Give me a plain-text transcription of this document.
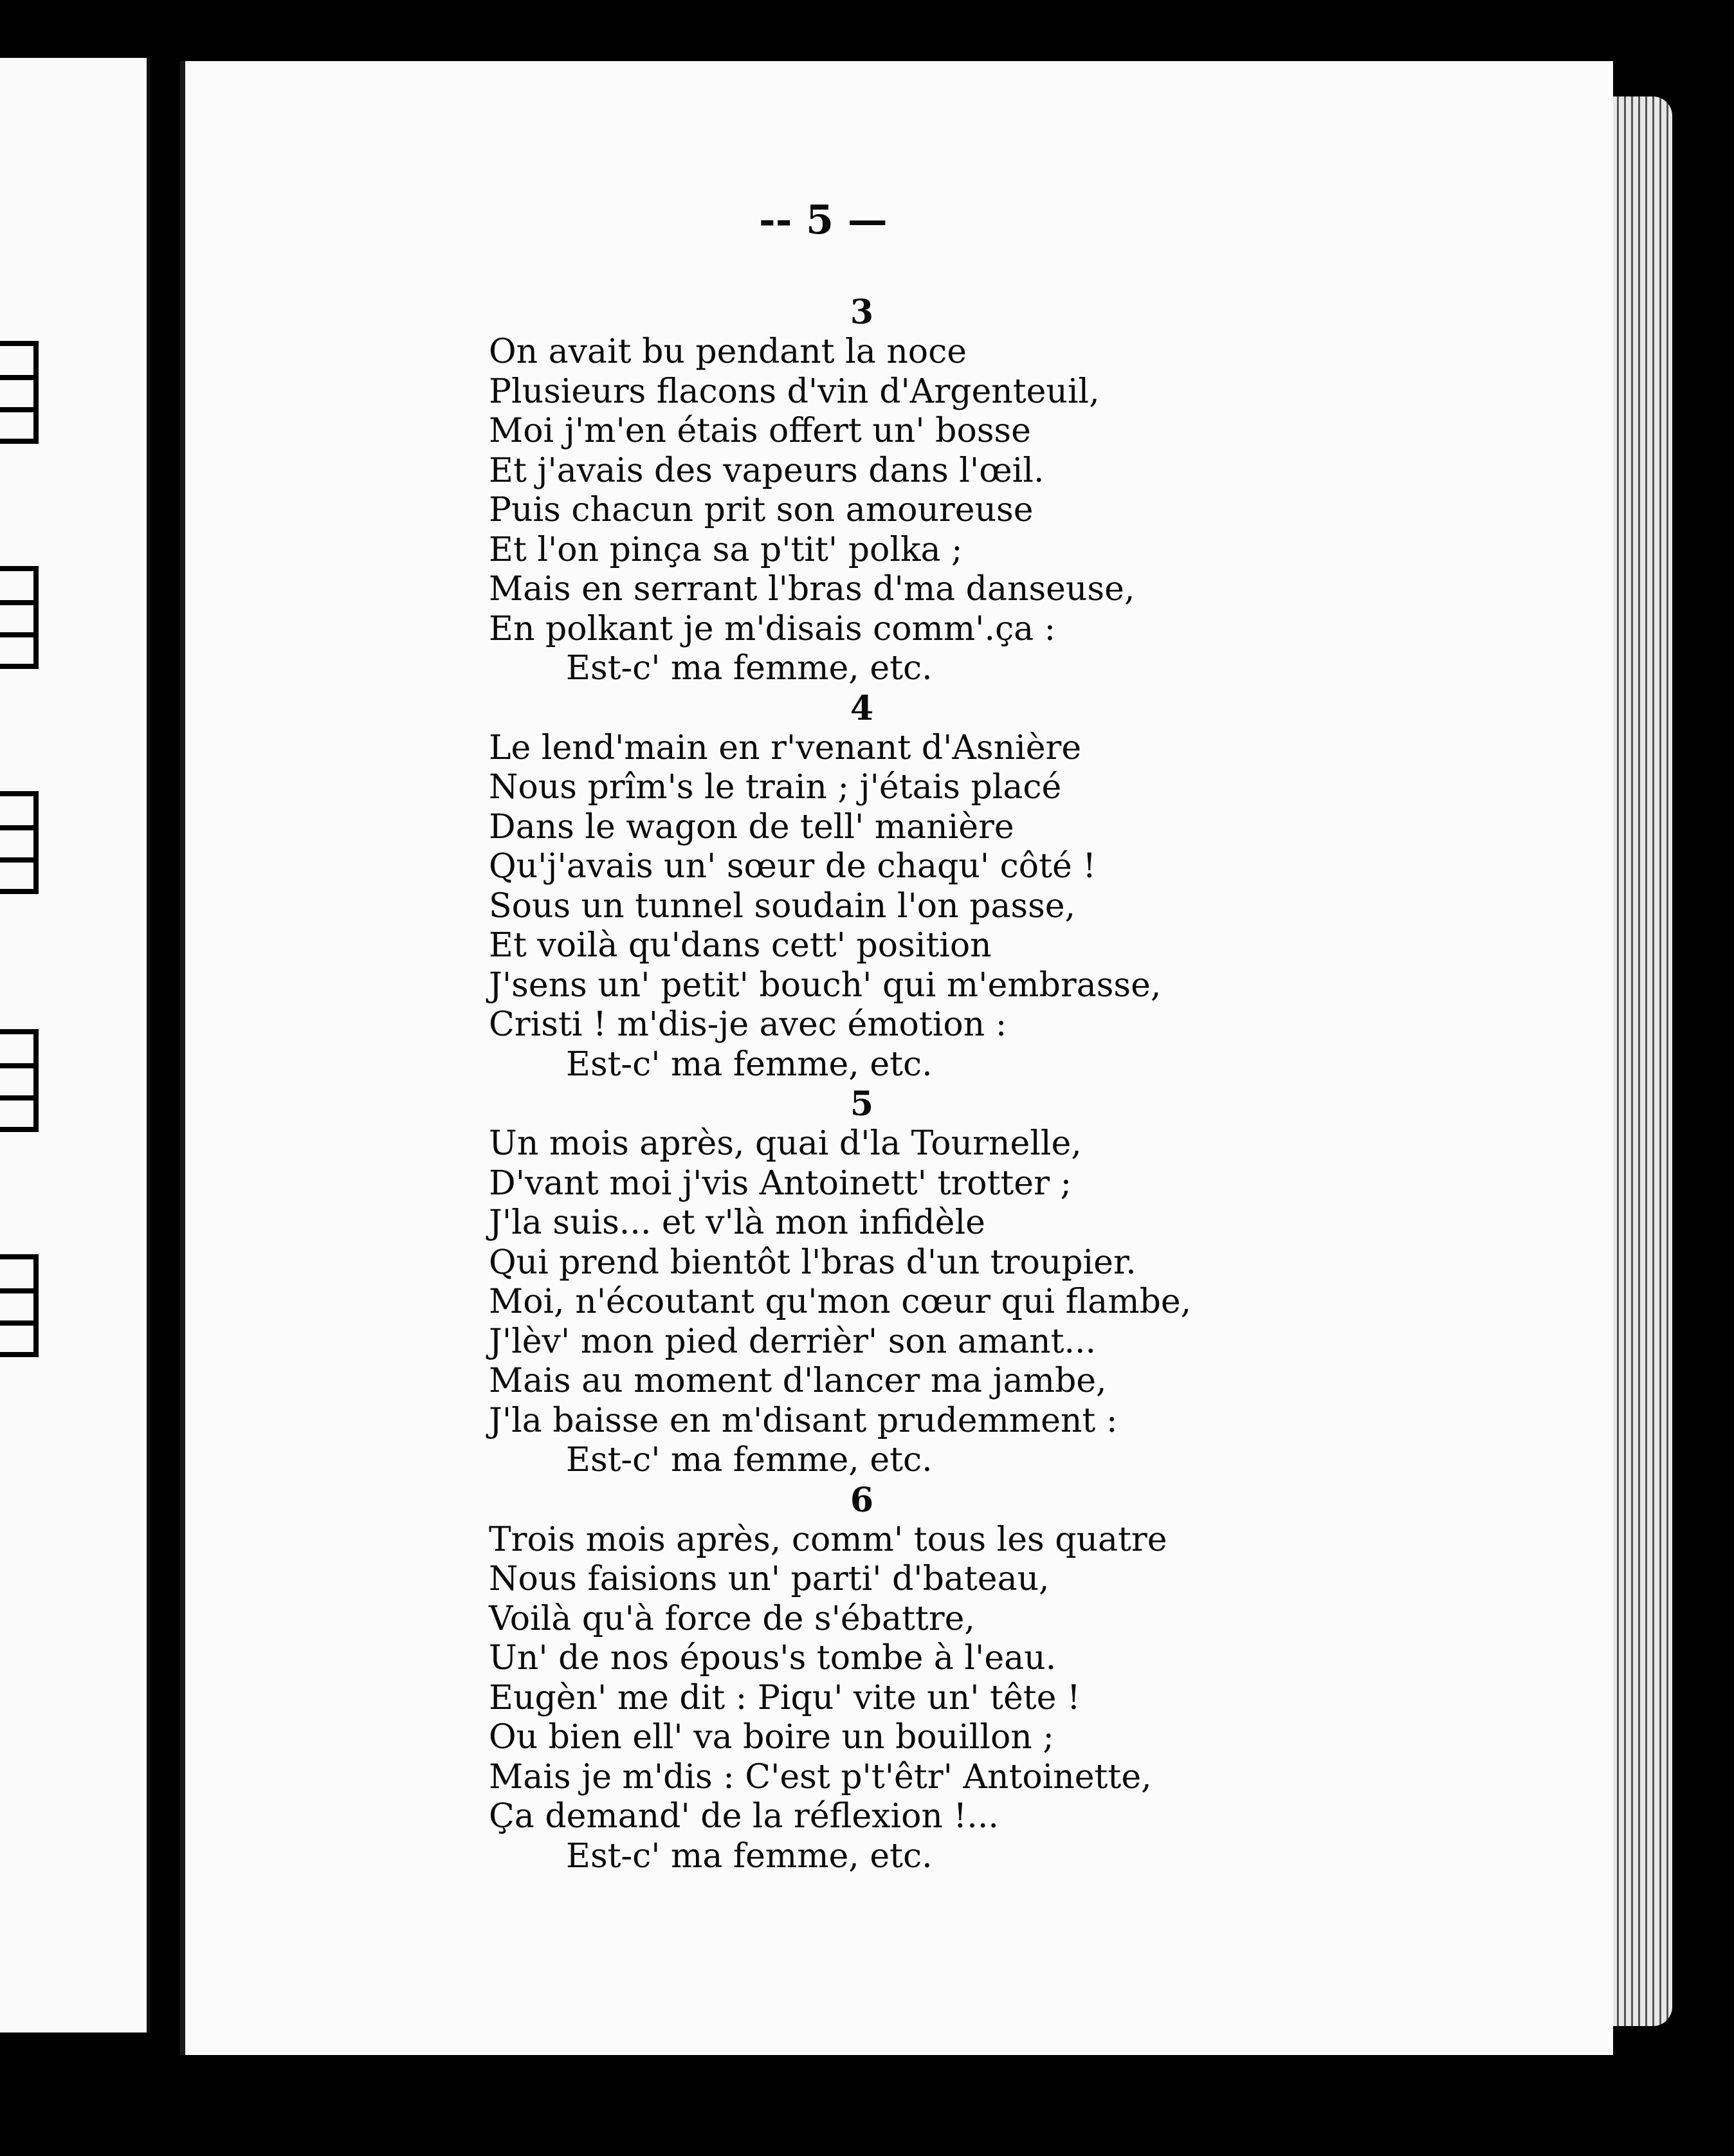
-- 5 —
3
On avait bu pendant la noce
Plusieurs flacons d'vin d'Argenteuil,
Moi j'm'en étais offert un' bosse
Et j'avais des vapeurs dans l'œil.
Puis chacun prit son amoureuse
Et l'on pinça sa p'tit' polka ;
Mais en serrant l'bras d'ma danseuse,
En polkant je m'disais comm'.ça :
Est-c' ma femme, etc.
4
Le lend'main en r'venant d'Asnière
Nous prîm's le train ; j'étais placé
Dans le wagon de tell' manière
Qu'j'avais un' sœur de chaqu' côté !
Sous un tunnel soudain l'on passe,
Et voilà qu'dans cett' position
J'sens un' petit' bouch' qui m'embrasse,
Cristi ! m'dis-je avec émotion :
Est-c' ma femme, etc.
5
Un mois après, quai d'la Tournelle,
D'vant moi j'vis Antoinett' trotter ;
J'la suis... et v'là mon infidèle
Qui prend bientôt l'bras d'un troupier.
Moi, n'écoutant qu'mon cœur qui flambe,
J'lèv' mon pied derrièr' son amant...
Mais au moment d'lancer ma jambe,
J'la baisse en m'disant prudemment :
Est-c' ma femme, etc.
6
Trois mois après, comm' tous les quatre
Nous faisions un' parti' d'bateau,
Voilà qu'à force de s'ébattre,
Un' de nos épous's tombe à l'eau.
Eugèn' me dit : Piqu' vite un' tête !
Ou bien ell' va boire un bouillon ;
Mais je m'dis : C'est p't'êtr' Antoinette,
Ça demand' de la réflexion !...
Est-c' ma femme, etc.
